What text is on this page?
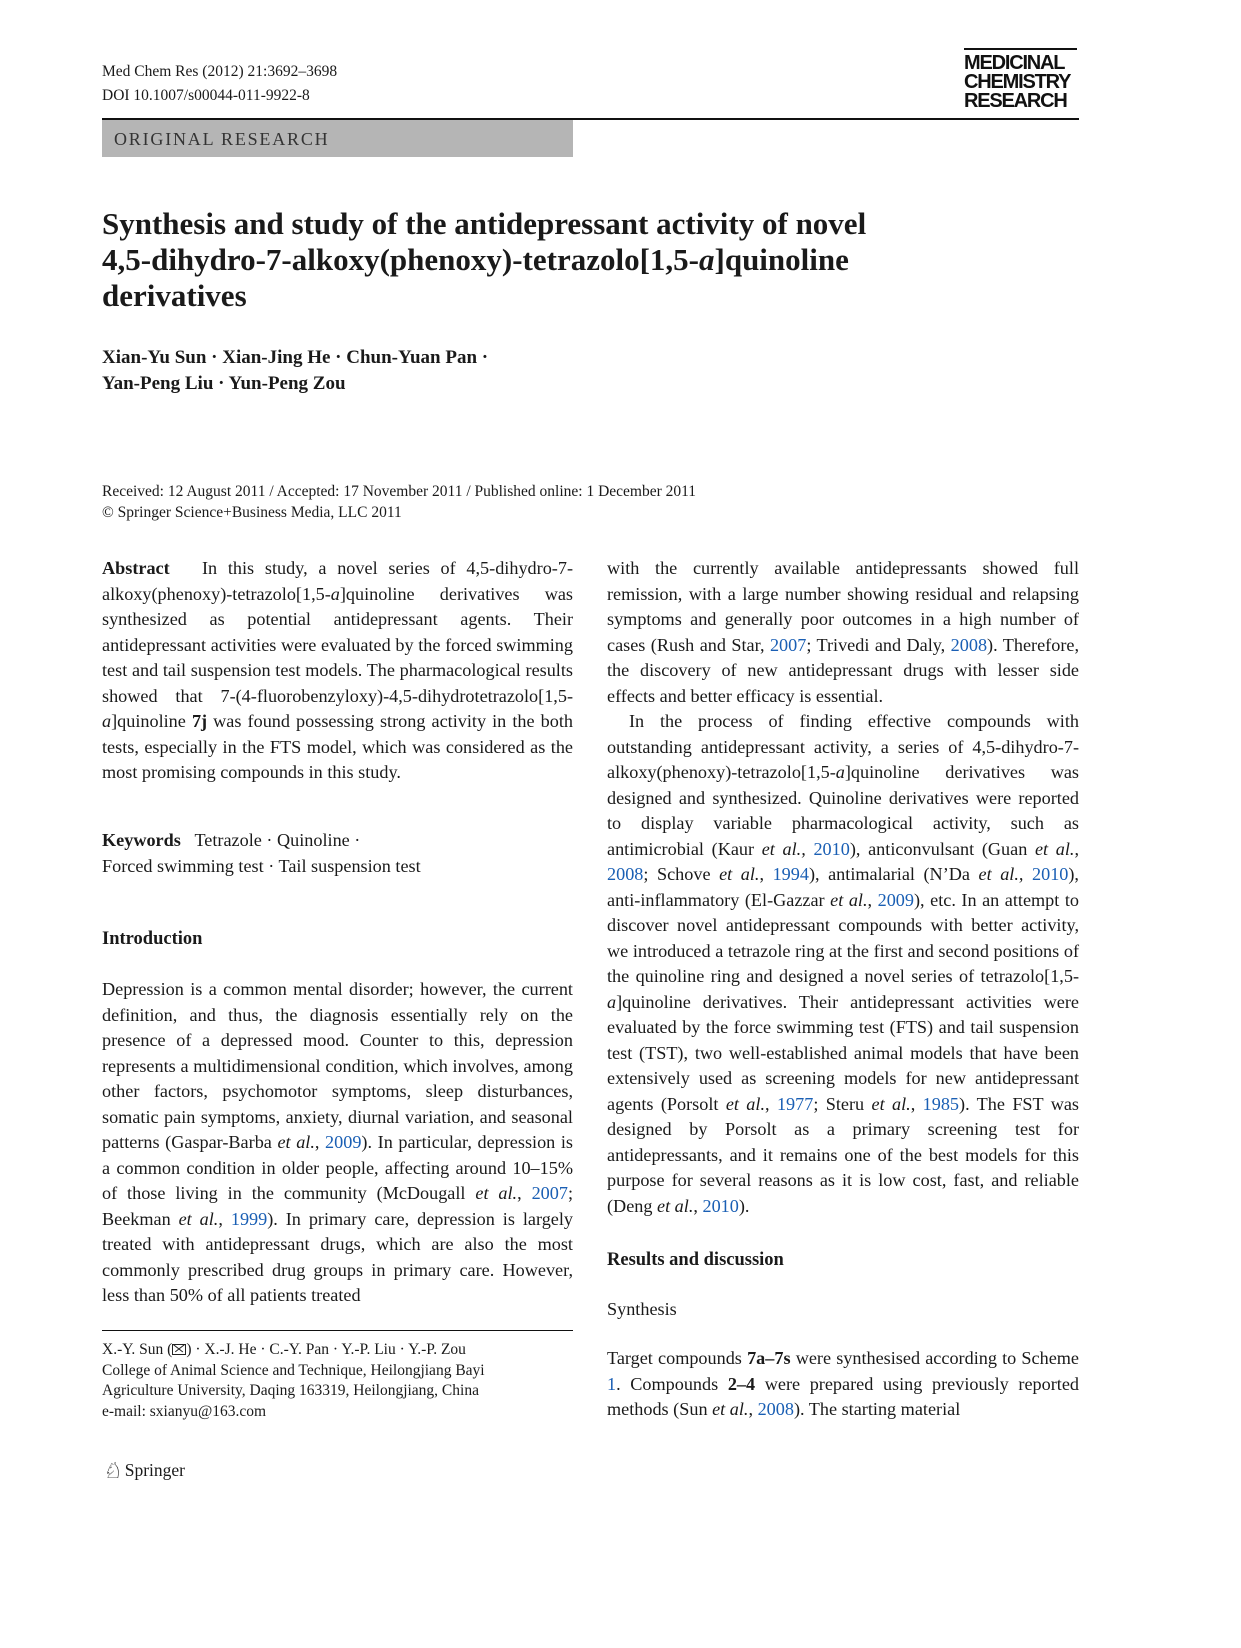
Med Chem Res (2012) 21:3692–3698
DOI 10.1007/s00044-011-9922-8
MEDICINAL
CHEMISTRY
RESEARCH
ORIGINAL RESEARCH
Synthesis and study of the antidepressant activity of novel
4,5-dihydro-7-alkoxy(phenoxy)-tetrazolo[1,5-a]quinoline
derivatives
Xian-Yu Sun · Xian-Jing He · Chun-Yuan Pan ·
Yan-Peng Liu · Yun-Peng Zou
Received: 12 August 2011 / Accepted: 17 November 2011 / Published online: 1 December 2011
© Springer Science+Business Media, LLC 2011

Abstract In this study, a novel series of 4,5-dihydro-7-alkoxy(phenoxy)-tetrazolo[1,5-a]quinoline derivatives was synthesized as potential antidepressant agents. Their antidepressant activities were evaluated by the forced swimming test and tail suspension test models. The pharmacological results showed that 7-(4-fluorobenzyloxy)-4,5-dihydrotetrazolo[1,5-a]quinoline 7j was found possessing strong activity in the both tests, especially in the FTS model, which was considered as the most promising compounds in this study.

Keywords Tetrazole · Quinoline ·
Forced swimming test · Tail suspension test
Introduction

Depression is a common mental disorder; however, the current definition, and thus, the diagnosis essentially rely on the presence of a depressed mood. Counter to this, depression represents a multidimensional condition, which involves, among other factors, psychomotor symptoms, sleep disturbances, somatic pain symptoms, anxiety, diurnal variation, and seasonal patterns (Gaspar-Barba et al., 2009). In particular, depression is a common condition in older people, affecting around 10–15% of those living in the community (McDougall et al., 2007; Beekman et al., 1999). In primary care, depression is largely treated with antidepressant drugs, which are also the most commonly prescribed drug groups in primary care. However, less than 50% of all patients treated

X.-Y. Sun ( ) · X.-J. He · C.-Y. Pan · Y.-P. Liu · Y.-P. Zou
College of Animal Science and Technique, Heilongjiang Bayi
Agriculture University, Daqing 163319, Heilongjiang, China
e-mail: sxianyu@163.com
♘ Springer

with the currently available antidepressants showed full remission, with a large number showing residual and relapsing symptoms and generally poor outcomes in a high number of cases (Rush and Star, 2007; Trivedi and Daly, 2008). Therefore, the discovery of new antidepressant drugs with lesser side effects and better efficacy is essential.

In the process of finding effective compounds with outstanding antidepressant activity, a series of 4,5-dihydro-7-alkoxy(phenoxy)-tetrazolo[1,5-a]quinoline derivatives was designed and synthesized. Quinoline derivatives were reported to display variable pharmacological activity, such as antimicrobial (Kaur et al., 2010), anticonvulsant (Guan et al., 2008; Schove et al., 1994), antimalarial (N’Da et al., 2010), anti-inflammatory (El-Gazzar et al., 2009), etc. In an attempt to discover novel antidepressant compounds with better activity, we introduced a tetrazole ring at the first and second positions of the quinoline ring and designed a novel series of tetrazolo[1,5-a]quinoline derivatives. Their antidepressant activities were evaluated by the force swimming test (FTS) and tail suspension test (TST), two well-established animal models that have been extensively used as screening models for new antidepressant agents (Porsolt et al., 1977; Steru et al., 1985). The FST was designed by Porsolt as a primary screening test for antidepressants, and it remains one of the best models for this purpose for several reasons as it is low cost, fast, and reliable (Deng et al., 2010).

Results and discussion
Synthesis

Target compounds 7a–7s were synthesised according to Scheme 1. Compounds 2–4 were prepared using previously reported methods (Sun et al., 2008). The starting material
